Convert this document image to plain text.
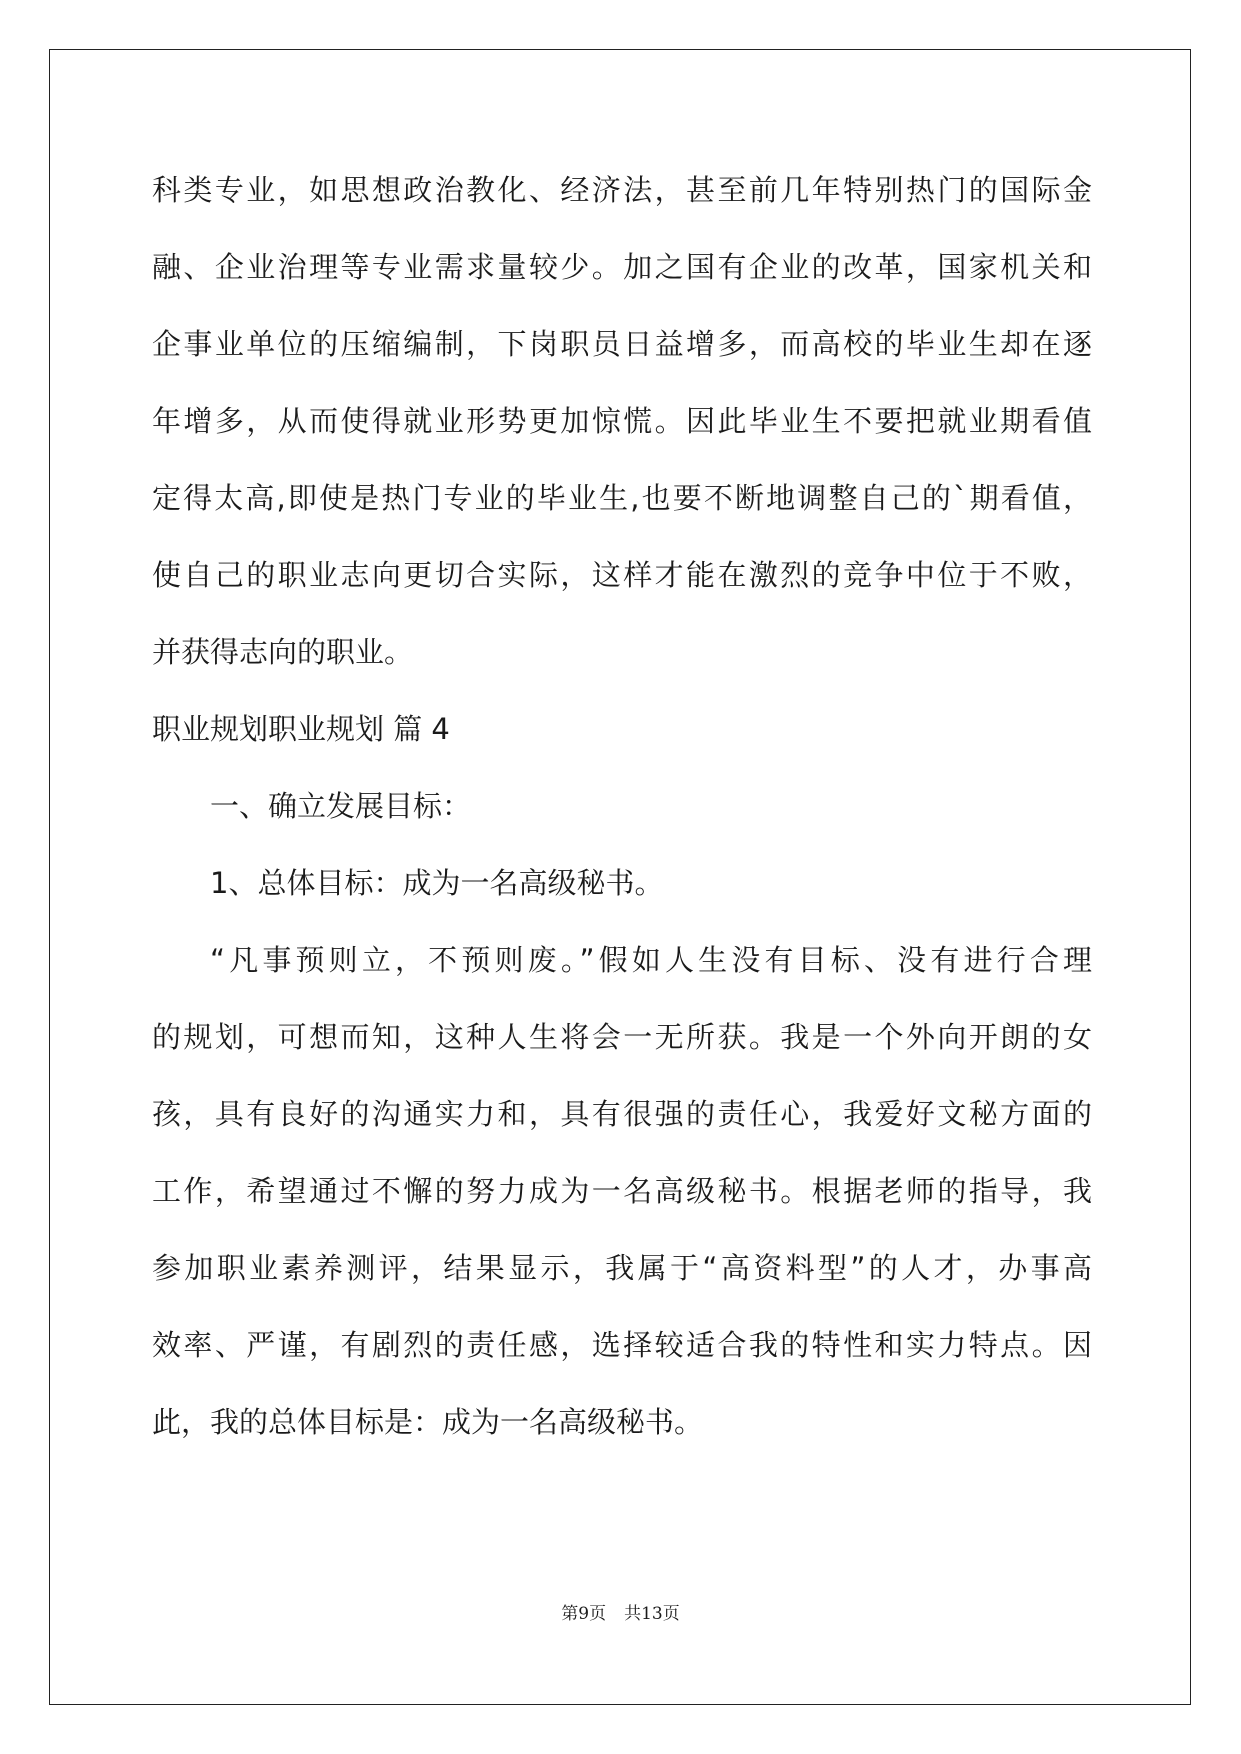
科类专业，如思想政治教化、经济法，甚至前几年特别热门的国际金
融、企业治理等专业需求量较少。加之国有企业的改革，国家机关和
企事业单位的压缩编制，下岗职员日益增多，而高校的毕业生却在逐
年增多，从而使得就业形势更加惊慌。因此毕业生不要把就业期看值
定得太高,即使是热门专业的毕业生,也要不断地调整自己的`期看值，
使自己的职业志向更切合实际，这样才能在激烈的竞争中位于不败，
并获得志向的职业。
职业规划职业规划 篇 4
一、确立发展目标：
1、总体目标：成为一名高级秘书。
“凡事预则立，不预则废。”假如人生没有目标、没有进行合理
的规划，可想而知，这种人生将会一无所获。我是一个外向开朗的女
孩，具有良好的沟通实力和，具有很强的责任心，我爱好文秘方面的
工作，希望通过不懈的努力成为一名高级秘书。根据老师的指导，我
参加职业素养测评，结果显示，我属于“高资料型”的人才，办事高
效率、严谨，有剧烈的责任感，选择较适合我的特性和实力特点。因
此，我的总体目标是：成为一名高级秘书。
第9页 共13页
